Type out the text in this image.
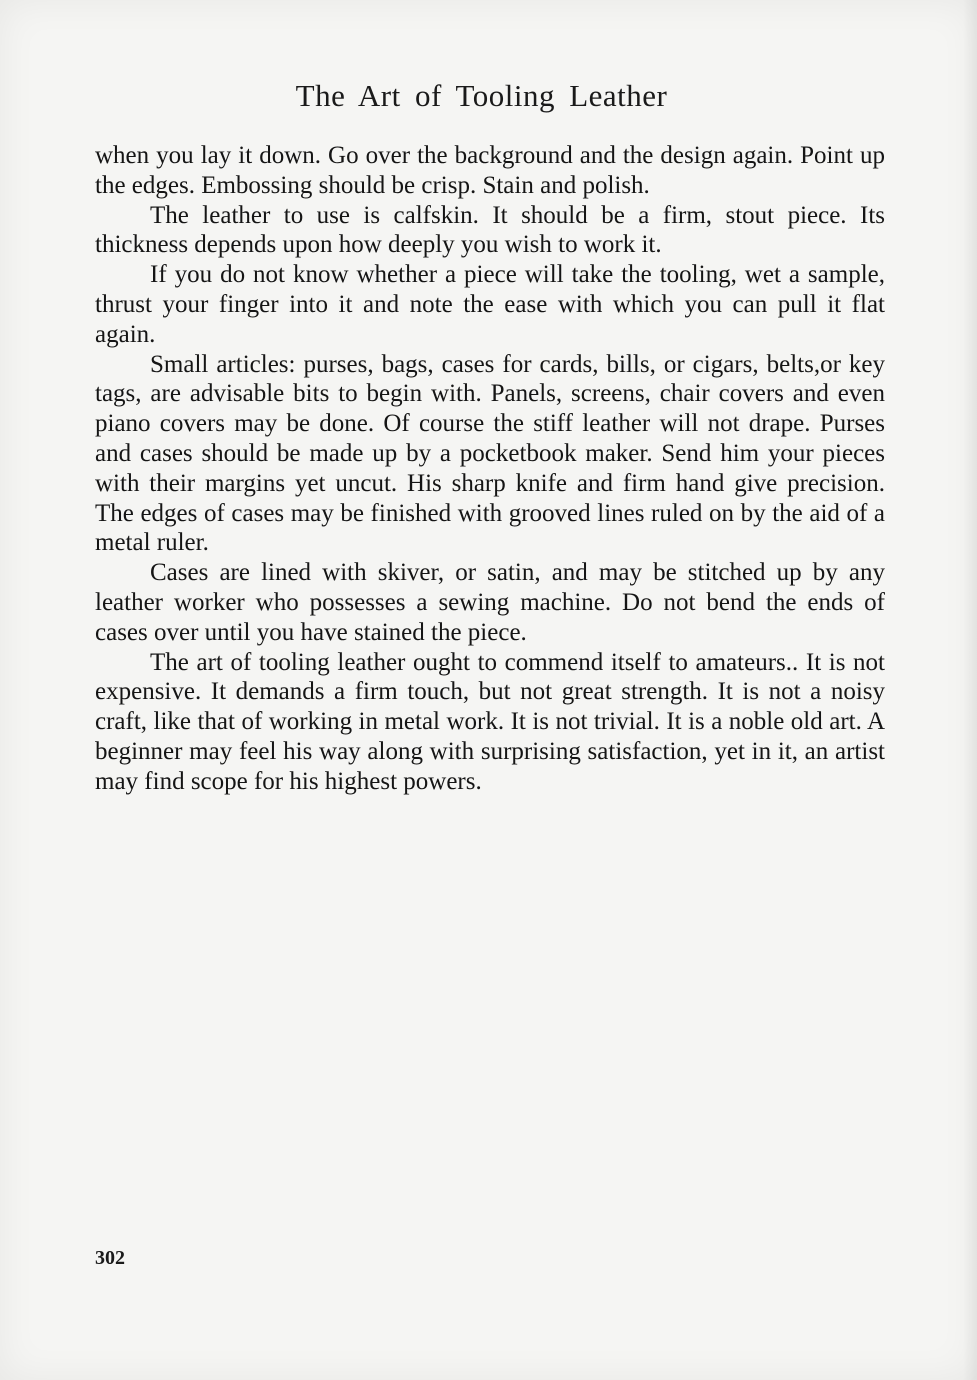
The Art of Tooling Leather

when you lay it down. Go over the background and the design again. Point up the edges. Embossing should be crisp. Stain and polish.

The leather to use is calfskin. It should be a firm, stout piece. Its thickness depends upon how deeply you wish to work it.

If you do not know whether a piece will take the tooling, wet a sample, thrust your finger into it and note the ease with which you can pull it flat again.

Small articles: purses, bags, cases for cards, bills, or cigars, belts,or key tags, are advisable bits to begin with. Panels, screens, chair covers and even piano covers may be done. Of course the stiff leather will not drape. Purses and cases should be made up by a pocketbook maker. Send him your pieces with their margins yet uncut. His sharp knife and firm hand give precision. The edges of cases may be finished with grooved lines ruled on by the aid of a metal ruler.

Cases are lined with skiver, or satin, and may be stitched up by any leather worker who possesses a sewing machine. Do not bend the ends of cases over until you have stained the piece.

The art of tooling leather ought to commend itself to amateurs.. It is not expensive. It demands a firm touch, but not great strength. It is not a noisy craft, like that of working in metal work. It is not trivial. It is a noble old art. A beginner may feel his way along with surprising satisfaction, yet in it, an artist may find scope for his highest powers.

302
